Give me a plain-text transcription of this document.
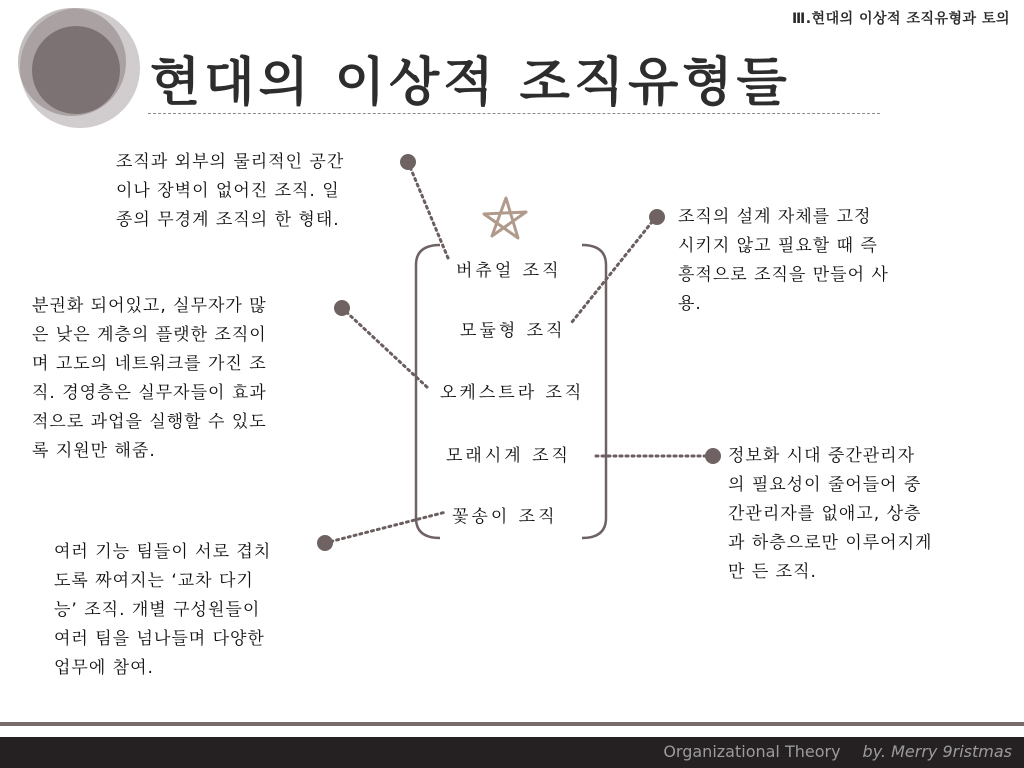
Ⅲ.현대의 이상적 조직유형과 토의
현대의 이상적 조직유형들
버츄얼 조직
모듈형 조직
오케스트라 조직
모래시계 조직
꽃송이 조직
조직과 외부의 물리적인 공간
이나 장벽이 없어진 조직. 일
종의 무경계 조직의 한 형태.	조직의 설계 자체를 고정
시키지 않고 필요할 때 즉
흥적으로 조직을 만들어 사
용.
분권화 되어있고, 실무자가 많
은 낮은 계층의 플랫한 조직이
며 고도의 네트워크를 가진 조
직. 경영층은 실무자들이 효과
적으로 과업을 실행할 수 있도
록 지원만 해줌.	정보화 시대 중간관리자
의 필요성이 줄어들어 중
간관리자를 없애고, 상층
과 하층으로만 이루어지게
만 든 조직.
여러 기능 팀들이 서로 겹치
도록 짜여지는 ‘교차 다기
능’ 조직. 개별 구성원들이
여러 팀을 넘나들며 다양한
업무에 참여.
Organizational Theory by. Merry 9ristmas
